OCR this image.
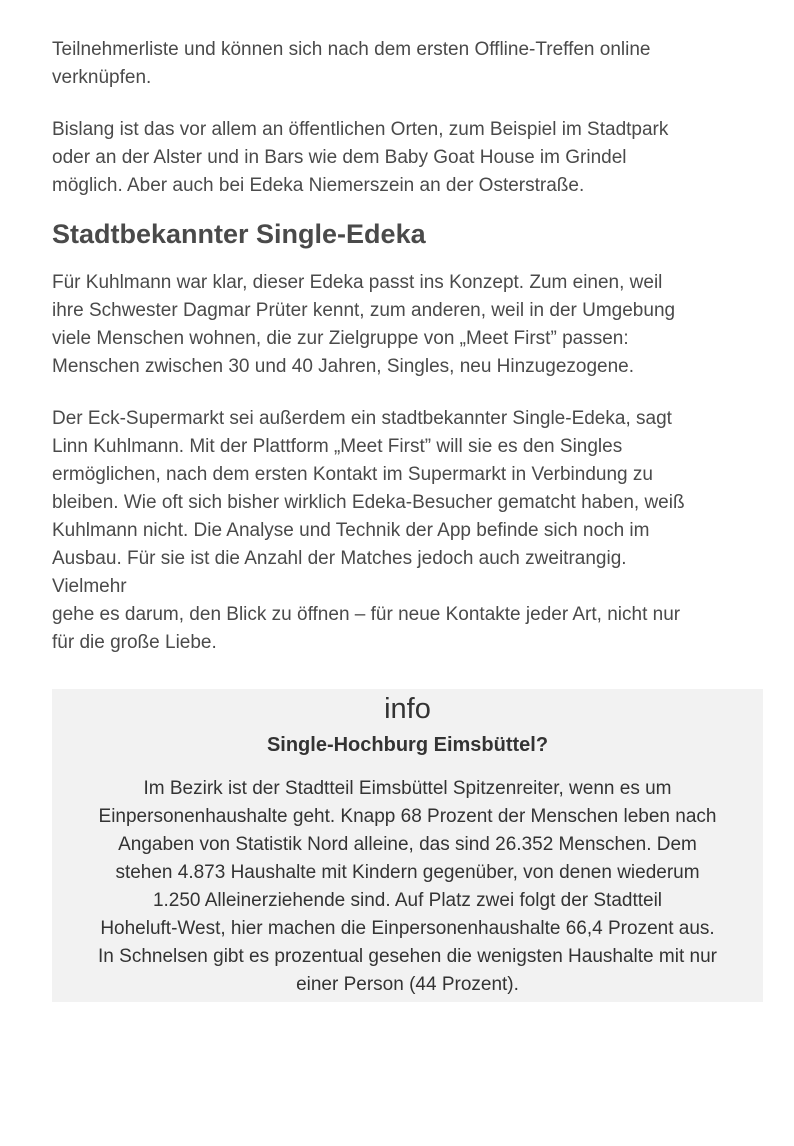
Teilnehmerliste und können sich nach dem ersten Offline-Treffen online
verknüpfen.

Bislang ist das vor allem an öffentlichen Orten, zum Beispiel im Stadtpark
oder an der Alster und in Bars wie dem Baby Goat House im Grindel
möglich. Aber auch bei Edeka Niemerszein an der Osterstraße.

Stadtbekannter Single-Edeka

Für Kuhlmann war klar, dieser Edeka passt ins Konzept. Zum einen, weil
ihre Schwester Dagmar Prüter kennt, zum anderen, weil in der Umgebung
viele Menschen wohnen, die zur Zielgruppe von „Meet First” passen:
Menschen zwischen 30 und 40 Jahren, Singles, neu Hinzugezogene.

Der Eck-Supermarkt sei außerdem ein stadtbekannter Single-Edeka, sagt
Linn Kuhlmann. Mit der Plattform „Meet First” will sie es den Singles
ermöglichen, nach dem ersten Kontakt im Supermarkt in Verbindung zu
bleiben. Wie oft sich bisher wirklich Edeka-Besucher gematcht haben, weiß
Kuhlmann nicht. Die Analyse und Technik der App befinde sich noch im
Ausbau. Für sie ist die Anzahl der Matches jedoch auch zweitrangig.
Vielmehr
gehe es darum, den Blick zu öffnen – für neue Kontakte jeder Art, nicht nur
für die große Liebe.

info
Single-Hochburg Eimsbüttel?

Im Bezirk ist der Stadtteil Eimsbüttel Spitzenreiter, wenn es um
Einpersonenhaushalte geht. Knapp 68 Prozent der Menschen leben nach
Angaben von Statistik Nord alleine, das sind 26.352 Menschen. Dem
stehen 4.873 Haushalte mit Kindern gegenüber, von denen wiederum
1.250 Alleinerziehende sind. Auf Platz zwei folgt der Stadtteil
Hoheluft-West, hier machen die Einpersonenhaushalte 66,4 Prozent aus.
In Schnelsen gibt es prozentual gesehen die wenigsten Haushalte mit nur
einer Person (44 Prozent).
